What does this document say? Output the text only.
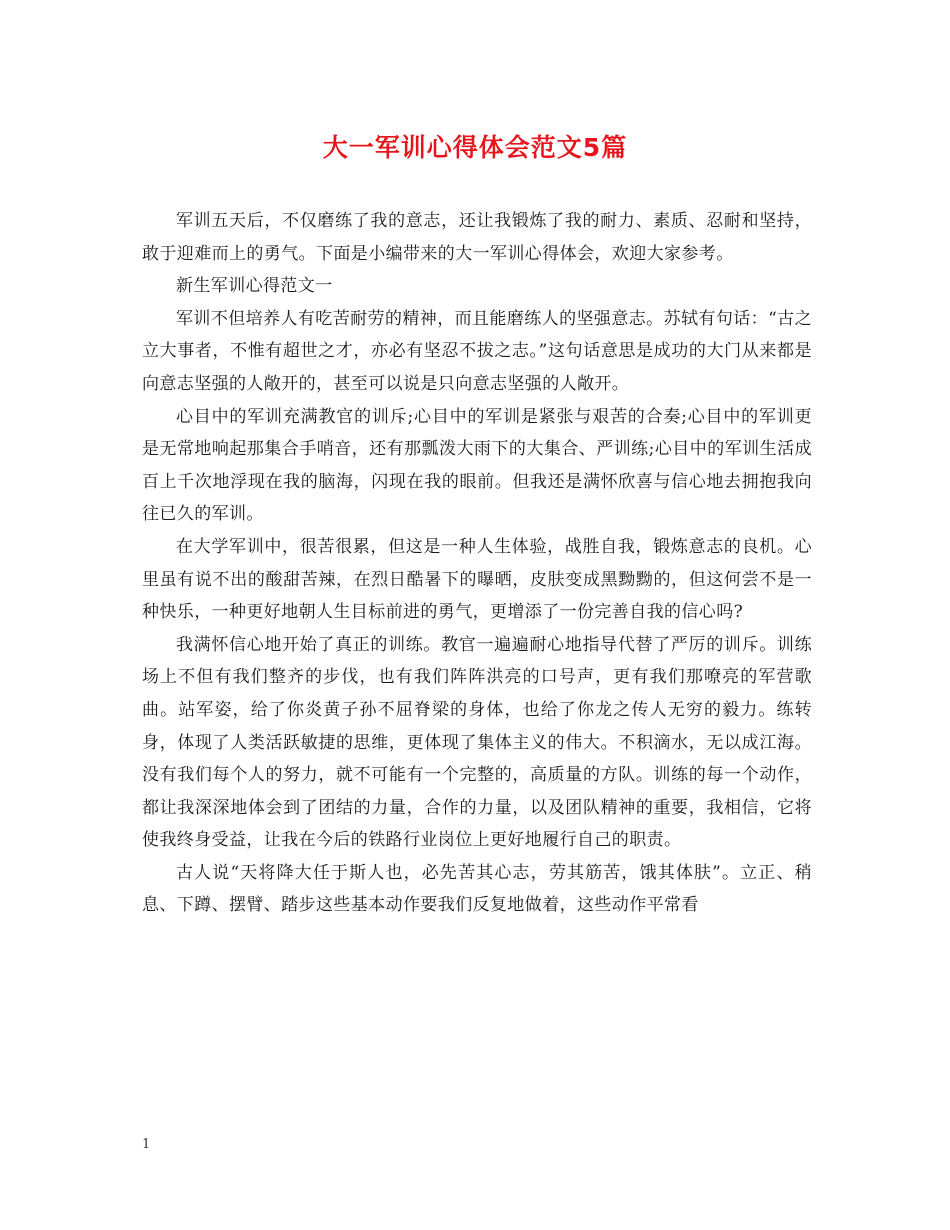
大一军训心得体会范文5篇

军训五天后，不仅磨练了我的意志，还让我锻炼了我的耐力、素质、忍耐和坚持，敢于迎难而上的勇气。下面是小编带来的大一军训心得体会，欢迎大家参考。

新生军训心得范文一

军训不但培养人有吃苦耐劳的精神，而且能磨练人的坚强意志。苏轼有句话：“古之立大事者，不惟有超世之才，亦必有坚忍不拔之志。”这句话意思是成功的大门从来都是向意志坚强的人敞开的，甚至可以说是只向意志坚强的人敞开。

心目中的军训充满教官的训斥;心目中的军训是紧张与艰苦的合奏;心目中的军训更是无常地响起那集合手哨音，还有那瓢泼大雨下的大集合、严训练;心目中的军训生活成百上千次地浮现在我的脑海，闪现在我的眼前。但我还是满怀欣喜与信心地去拥抱我向往已久的军训。

在大学军训中，很苦很累，但这是一种人生体验，战胜自我，锻炼意志的良机。心里虽有说不出的酸甜苦辣，在烈日酷暑下的曝晒，皮肤变成黑黝黝的，但这何尝不是一种快乐，一种更好地朝人生目标前进的勇气，更增添了一份完善自我的信心吗?

我满怀信心地开始了真正的训练。教官一遍遍耐心地指导代替了严厉的训斥。训练场上不但有我们整齐的步伐，也有我们阵阵洪亮的口号声，更有我们那嘹亮的军营歌曲。站军姿，给了你炎黄子孙不屈脊梁的身体，也给了你龙之传人无穷的毅力。练转身，体现了人类活跃敏捷的思维，更体现了集体主义的伟大。不积滴水，无以成江海。没有我们每个人的努力，就不可能有一个完整的，高质量的方队。训练的每一个动作，都让我深深地体会到了团结的力量，合作的力量，以及团队精神的重要，我相信，它将使我终身受益，让我在今后的铁路行业岗位上更好地履行自己的职责。

古人说“天将降大任于斯人也，必先苦其心志，劳其筋苦，饿其体肤”。立正、稍息、下蹲、摆臂、踏步这些基本动作要我们反复地做着，这些动作平常看

1
